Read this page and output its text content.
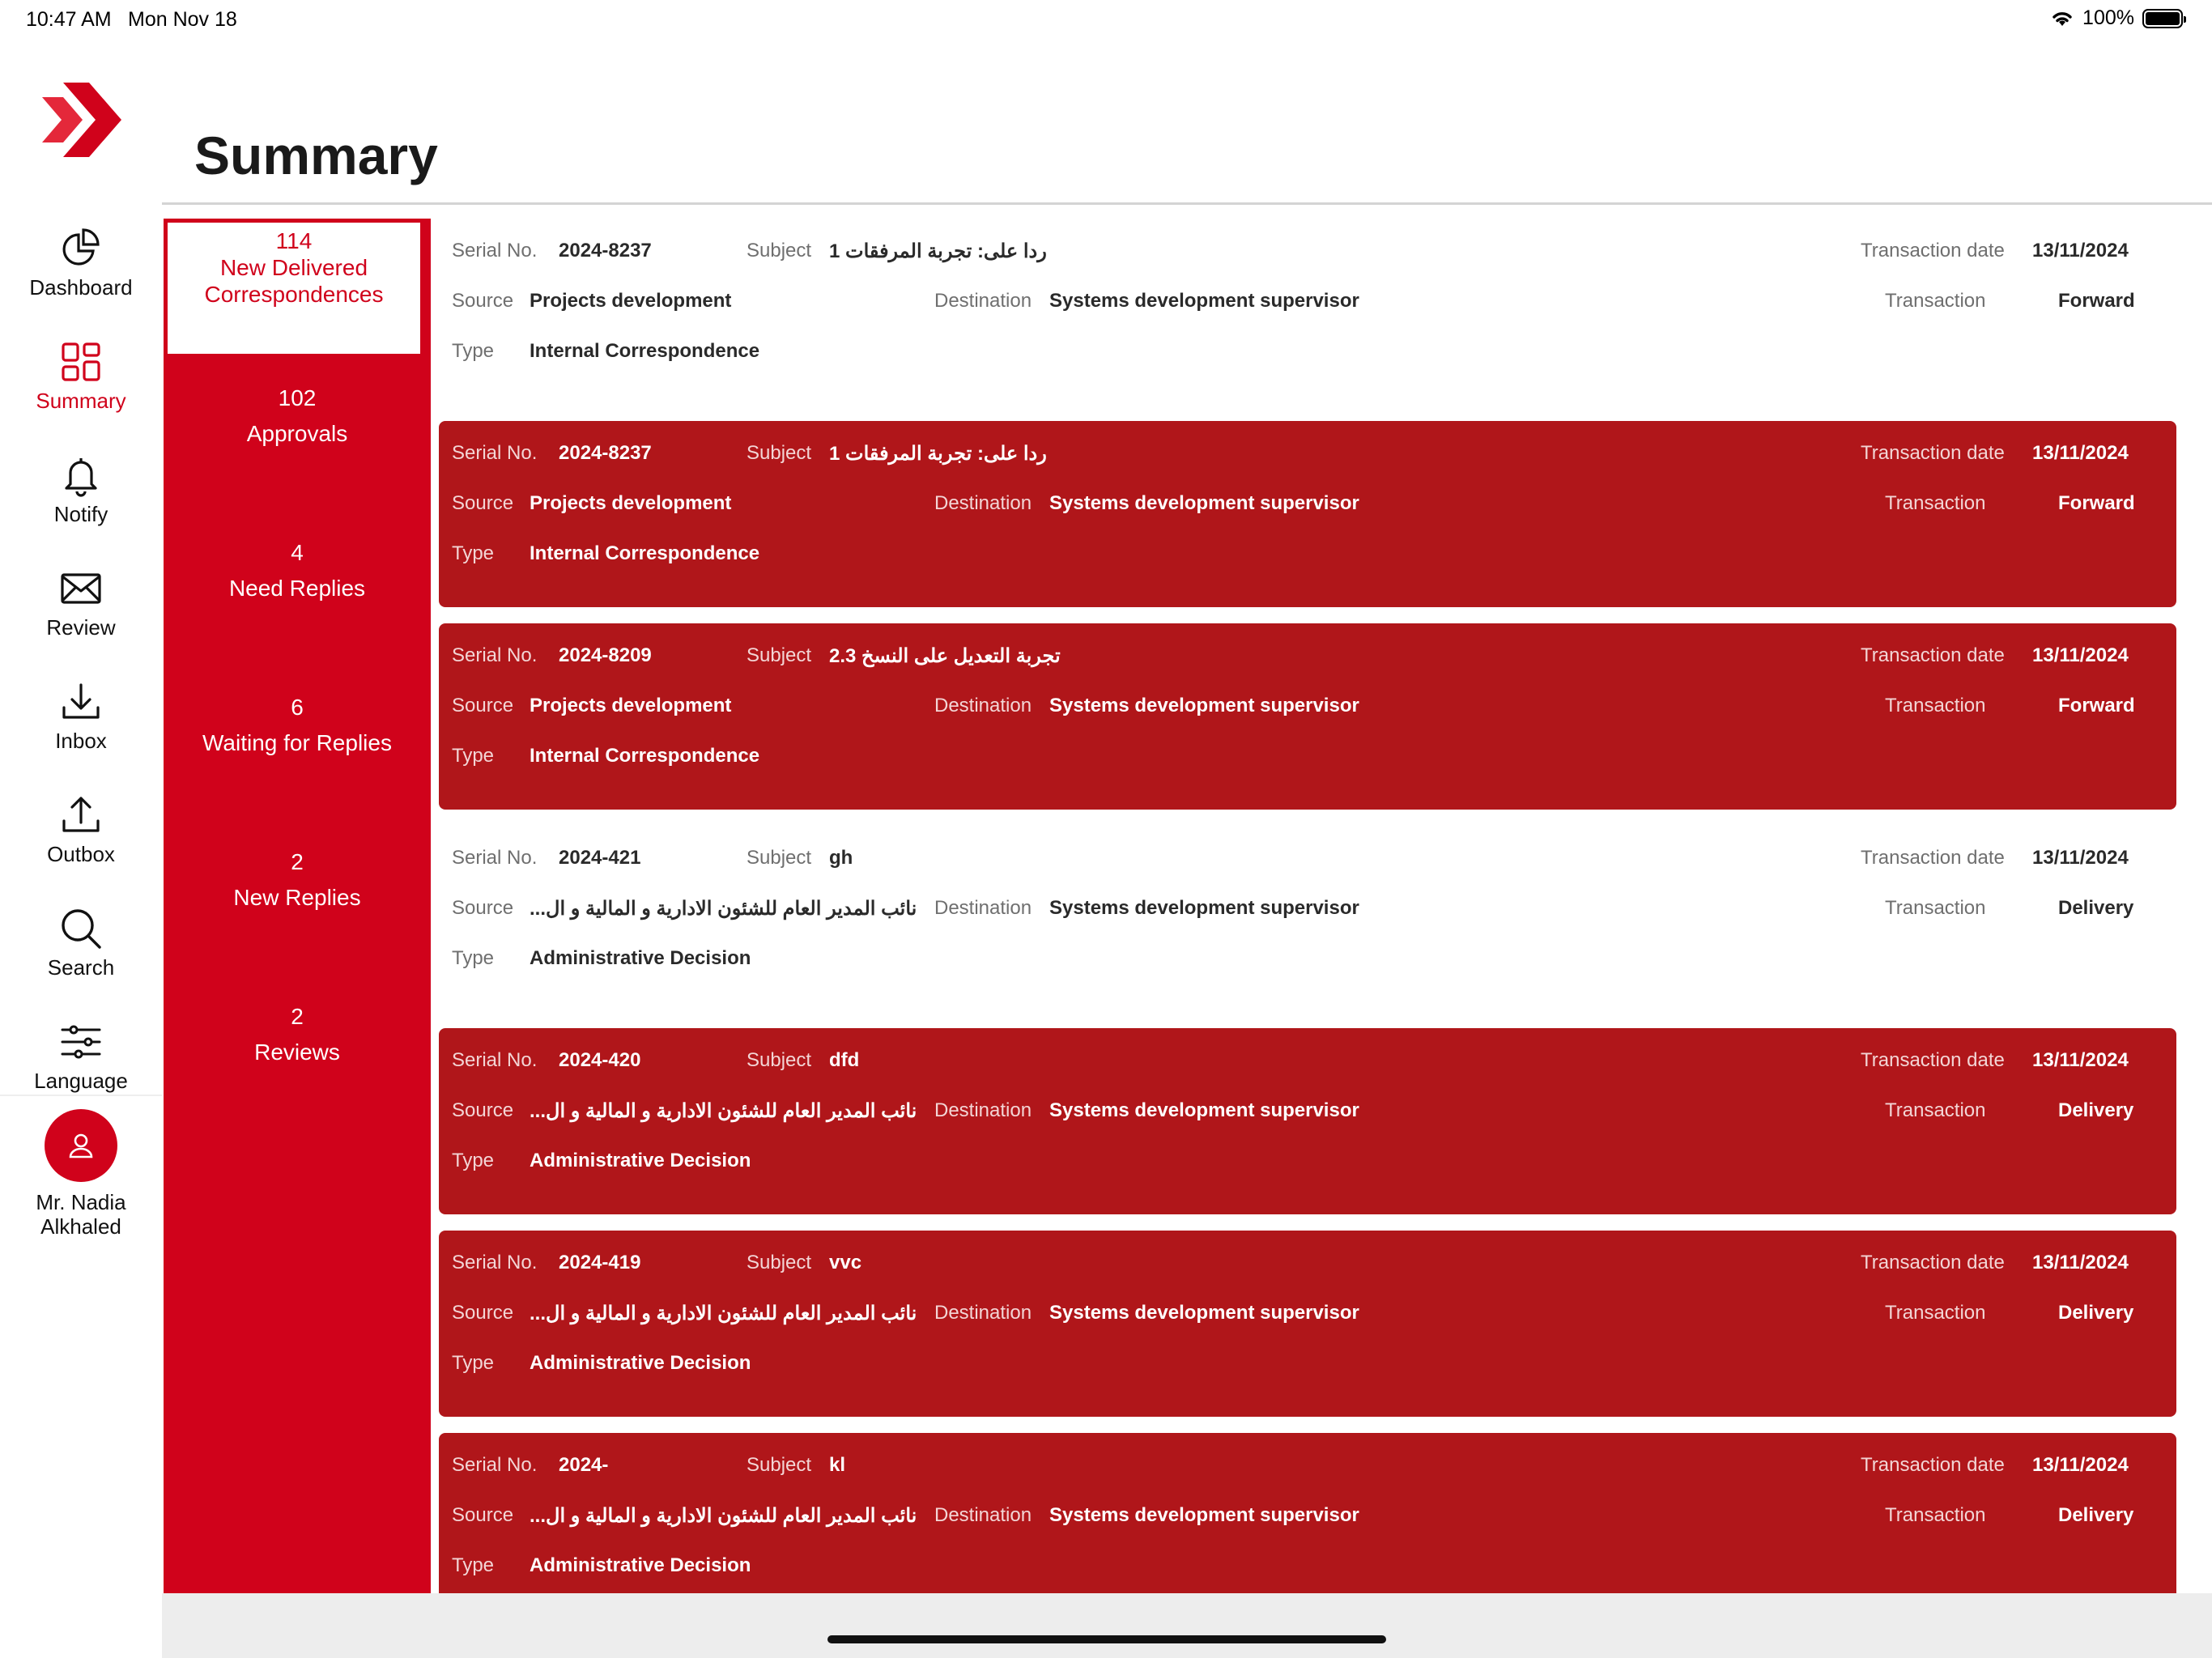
10:47 AM Mon Nov 18	100%
Dashboard
Summary
Notify
Review
Inbox
Outbox
Search
Language
Mr. Nadia
Alkhaled
Summary
114
New Delivered
Correspondences
102
Approvals
4
Need Replies
6
Waiting for Replies
2
New Replies
2
Reviews
Serial No. 2024-8237	Subject ردا على: تجربة المرفقات 1	Transaction date 13/11/2024
Source Projects development	Destination Systems development supervisor	Transaction	Forward
Type Internal Correspondence
Serial No. 2024-8237	Subject ردا على: تجربة المرفقات 1	Transaction date 13/11/2024
Source Projects development	Destination Systems development supervisor	Transaction	Forward
Type Internal Correspondence
Serial No. 2024-8209	Subject تجربة التعديل على النسخ 2.3	Transaction date 13/11/2024
Source Projects development	Destination Systems development supervisor	Transaction	Forward
Type Internal Correspondence
Serial No. 2024-421	Subject gh	Transaction date 13/11/2024
Source نائب المدير العام للشئون الادارية و المالية و ال... Destination Systems development supervisor	Transaction	Delivery
Type Administrative Decision
Serial No. 2024-420	Subject dfd	Transaction date 13/11/2024
Source نائب المدير العام للشئون الادارية و المالية و ال... Destination Systems development supervisor	Transaction	Delivery
Type Administrative Decision
Serial No. 2024-419	Subject vvc	Transaction date 13/11/2024
Source نائب المدير العام للشئون الادارية و المالية و ال... Destination Systems development supervisor	Transaction	Delivery
Type Administrative Decision
Serial No. 2024-	Subject kl	Transaction date 13/11/2024
Source نائب المدير العام للشئون الادارية و المالية و ال... Destination Systems development supervisor	Transaction	Delivery
Type Administrative Decision
